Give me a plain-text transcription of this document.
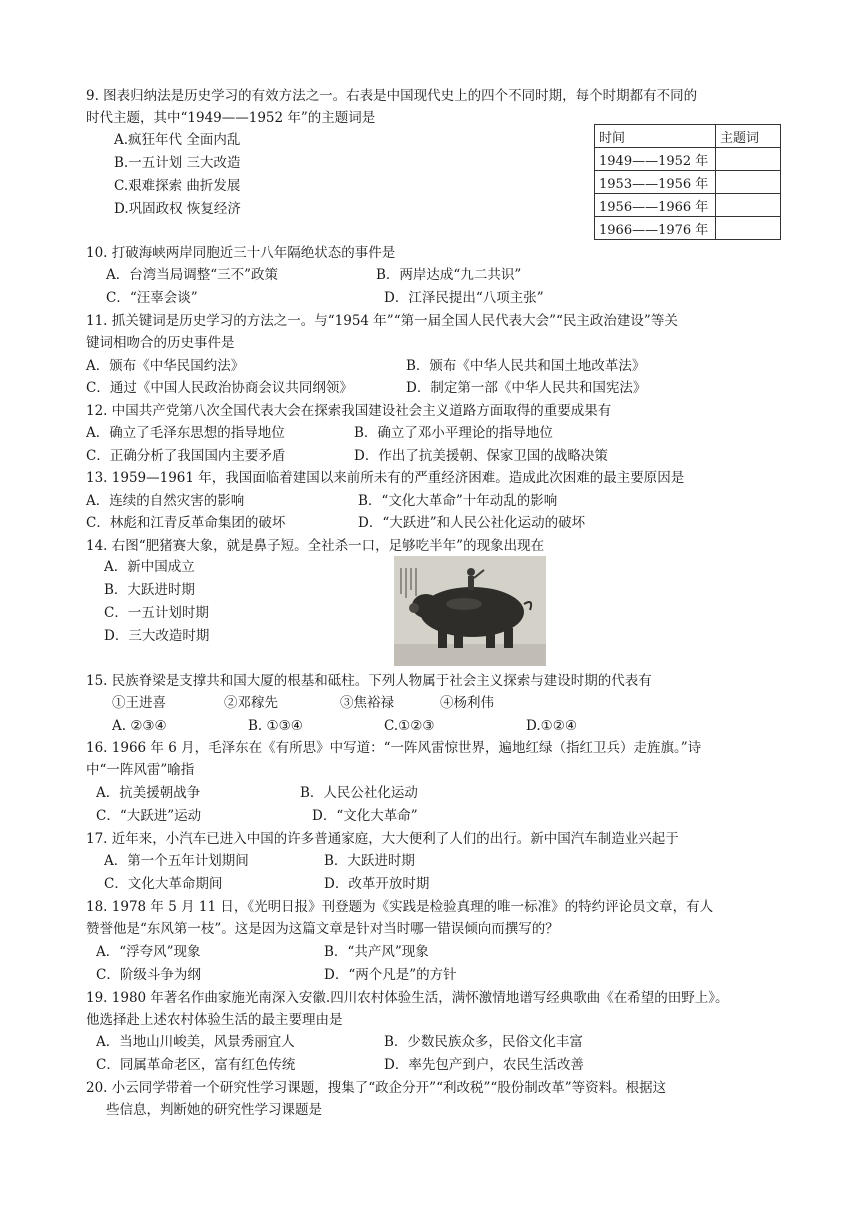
9. 图表归纳法是历史学习的有效方法之一。右表是中国现代史上的四个不同时期，每个时期都有不同的
时代主题，其中“1949——1952 年”的主题词是
A.疯狂年代 全面内乱
B.一五计划 三大改造
C.艰难探索 曲折发展
D.巩固政权 恢复经济
时间	主题词
1949——1952 年	
1953——1956 年	
1956——1966 年	
1966——1976 年	
10. 打破海峡两岸同胞近三十八年隔绝状态的事件是
A．台湾当局调整“三不”政策	B．两岸达成“九二共识”
C．“汪辜会谈”	D．江泽民提出“八项主张”
11. 抓关键词是历史学习的方法之一。与“1954 年”“第一届全国人民代表大会”“民主政治建设”等关
键词相吻合的历史事件是
A．颁布《中华民国约法》	B．颁布《中华人民共和国土地改革法》
C．通过《中国人民政治协商会议共同纲领》	D．制定第一部《中华人民共和国宪法》
12. 中国共产党第八次全国代表大会在探索我国建设社会主义道路方面取得的重要成果有
A．确立了毛泽东思想的指导地位	B．确立了邓小平理论的指导地位
C．正确分析了我国国内主要矛盾	D．作出了抗美援朝、保家卫国的战略决策
13. 1959—1961 年，我国面临着建国以来前所未有的严重经济困难。造成此次困难的最主要原因是
A．连续的自然灾害的影响	B．“文化大革命”十年动乱的影响
C．林彪和江青反革命集团的破坏	D．“大跃进”和人民公社化运动的破坏
14. 右图“肥猪赛大象，就是鼻子短。全社杀一口，足够吃半年”的现象出现在
A．新中国成立
B．大跃进时期
C．一五计划时期
D．三大改造时期
15. 民族脊梁是支撑共和国大厦的根基和砥柱。下列人物属于社会主义探索与建设时期的代表有
①王进喜	②邓稼先	③焦裕禄	④杨利伟
A. ②③④	B. ①③④	C.①②③	D.①②④
16. 1966 年 6 月，毛泽东在《有所思》中写道：“一阵风雷惊世界，遍地红绿（指红卫兵）走旌旗。”诗
中“一阵风雷”喻指
A．抗美援朝战争	B．人民公社化运动
C．“大跃进”运动	D．“文化大革命”
17. 近年来，小汽车已进入中国的许多普通家庭，大大便利了人们的出行。新中国汽车制造业兴起于
A．第一个五年计划期间	B．大跃进时期
C．文化大革命期间	D．改革开放时期
18. 1978 年 5 月 11 日，《光明日报》刊登题为《实践是检验真理的唯一标准》的特约评论员文章，有人
赞誉他是“东风第一枝”。这是因为这篇文章是针对当时哪一错误倾向而撰写的？
A．“浮夸风”现象	B．“共产风”现象
C．阶级斗争为纲	D．“两个凡是”的方针
19. 1980 年著名作曲家施光南深入安徽.四川农村体验生活，满怀激情地谱写经典歌曲《在希望的田野上》。
他选择赴上述农村体验生活的最主要理由是
A．当地山川峻美，风景秀丽宜人	B．少数民族众多，民俗文化丰富
C．同属革命老区，富有红色传统	D．率先包产到户，农民生活改善
20. 小云同学带着一个研究性学习课题，搜集了“政企分开”“利改税”“股份制改革”等资料。根据这
些信息，判断她的研究性学习课题是
